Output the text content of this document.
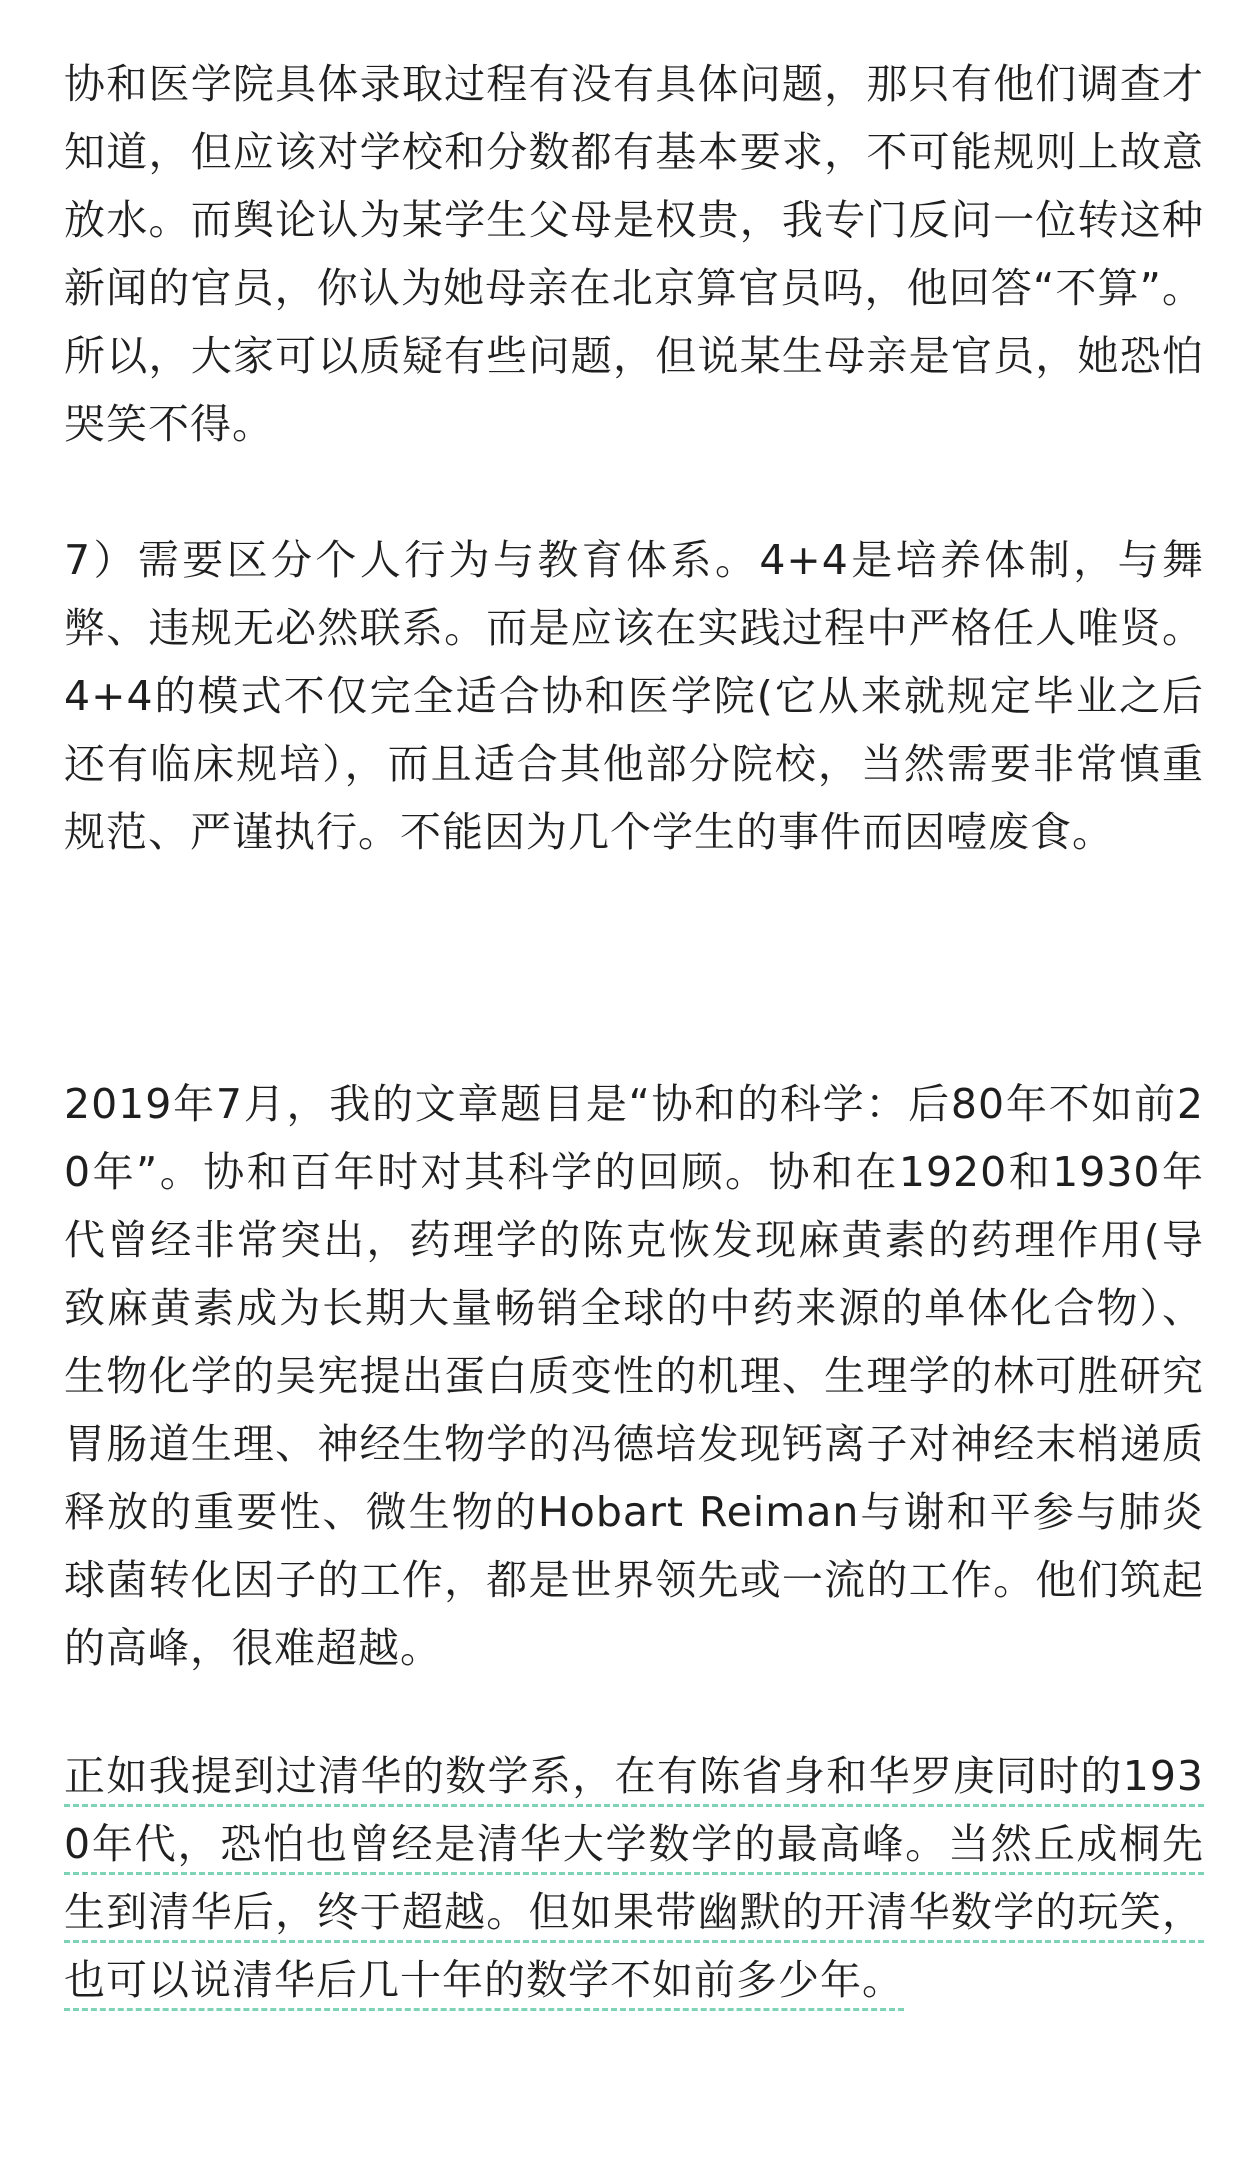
协和医学院具体录取过程有没有具体问题，那只有他们调查才知道，但应该对学校和分数都有基本要求，不可能规则上故意放水。而舆论认为某学生父母是权贵，我专门反问一位转这种新闻的官员，你认为她母亲在北京算官员吗，他回答“不算”。所以，大家可以质疑有些问题，但说某生母亲是官员，她恐怕哭笑不得。

7）需要区分个人行为与教育体系。4+4是培养体制，与舞弊、违规无必然联系。而是应该在实践过程中严格任人唯贤。4+4的模式不仅完全适合协和医学院(它从来就规定毕业之后还有临床规培），而且适合其他部分院校，当然需要非常慎重规范、严谨执行。不能因为几个学生的事件而因噎废食。

2019年7月，我的文章题目是“协和的科学：后80年不如前20年”。协和百年时对其科学的回顾。协和在1920和1930年代曾经非常突出，药理学的陈克恢发现麻黄素的药理作用(导致麻黄素成为长期大量畅销全球的中药来源的单体化合物）、生物化学的吴宪提出蛋白质变性的机理、生理学的林可胜研究胃肠道生理、神经生物学的冯德培发现钙离子对神经末梢递质释放的重要性、微生物的Hobart Reiman与谢和平参与肺炎球菌转化因子的工作，都是世界领先或一流的工作。他们筑起的高峰，很难超越。

正如我提到过清华的数学系，在有陈省身和华罗庚同时的1930年代，恐怕也曾经是清华大学数学的最高峰。当然丘成桐先生到清华后，终于超越。但如果带幽默的开清华数学的玩笑，也可以说清华后几十年的数学不如前多少年。
